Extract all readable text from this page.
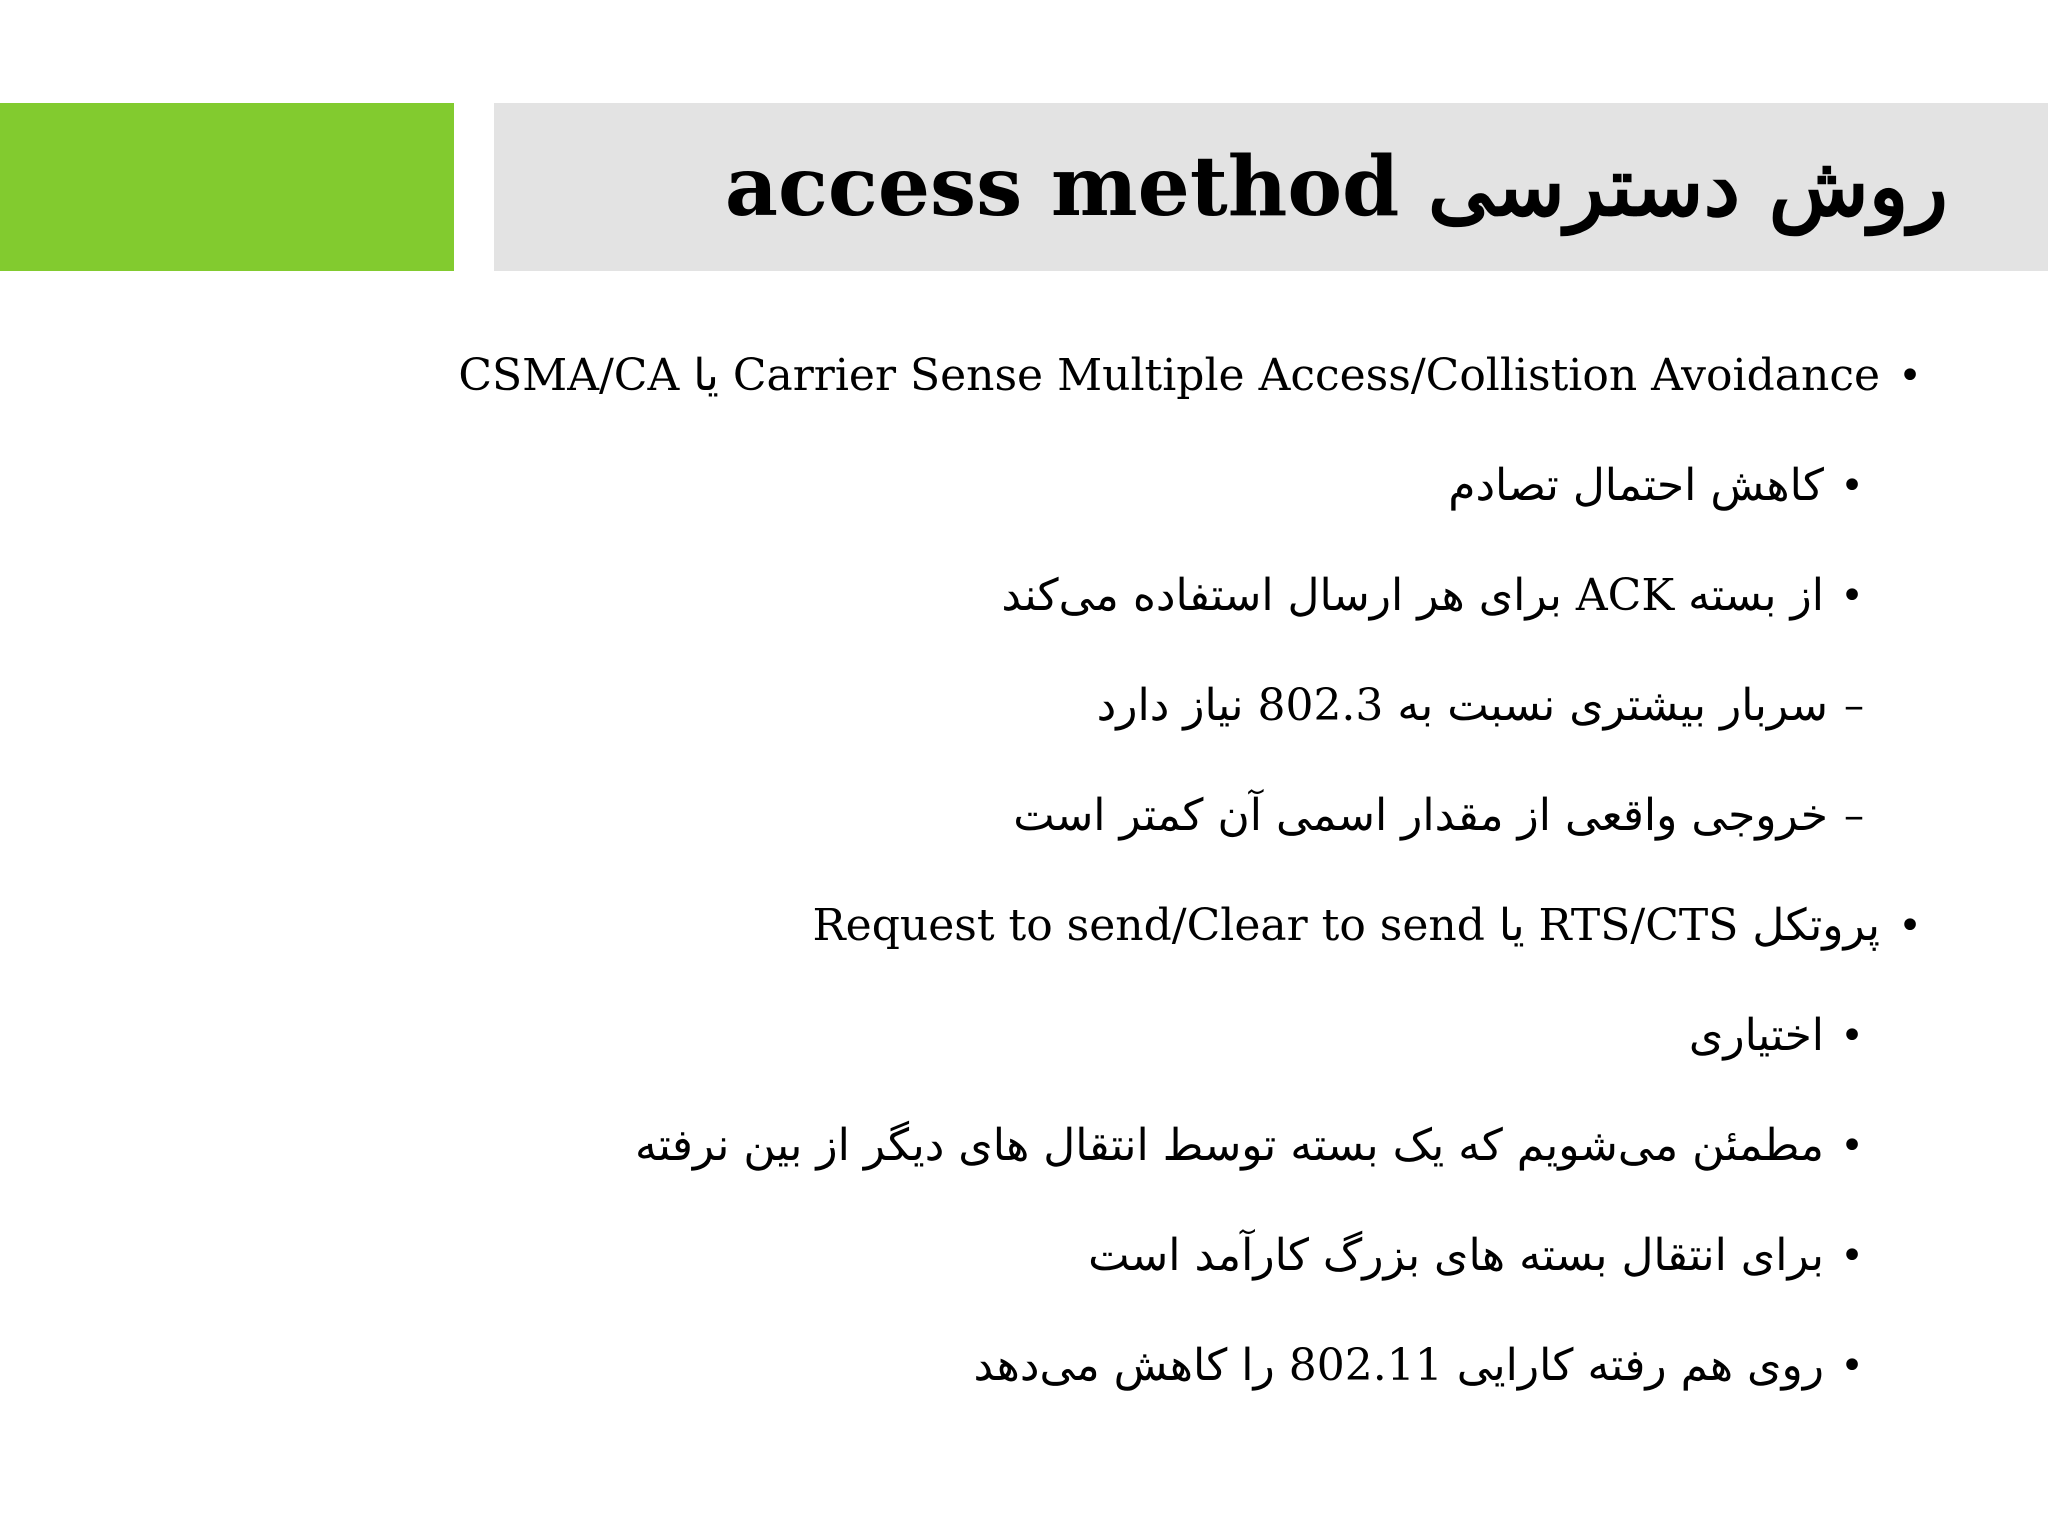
روش دسترسی access method
•
CSMA/CA یا Carrier Sense Multiple Access/Collistion Avoidance
•
کاهش احتمال تصادم
•
از بسته ACK برای هر ارسال استفاده می‌کند
–
سربار بیشتری نسبت به 802.3 نیاز دارد
–
خروجی واقعی از مقدار اسمی آن کمتر است
•
پروتکل RTS/CTS یا Request to send/Clear to send
•
اختیاری
•
مطمئن می‌شویم که یک بسته توسط انتقال های دیگر از بین نرفته
•
برای انتقال بسته های بزرگ کارآمد است
•
روی هم رفته کارایی 802.11 را کاهش می‌دهد
